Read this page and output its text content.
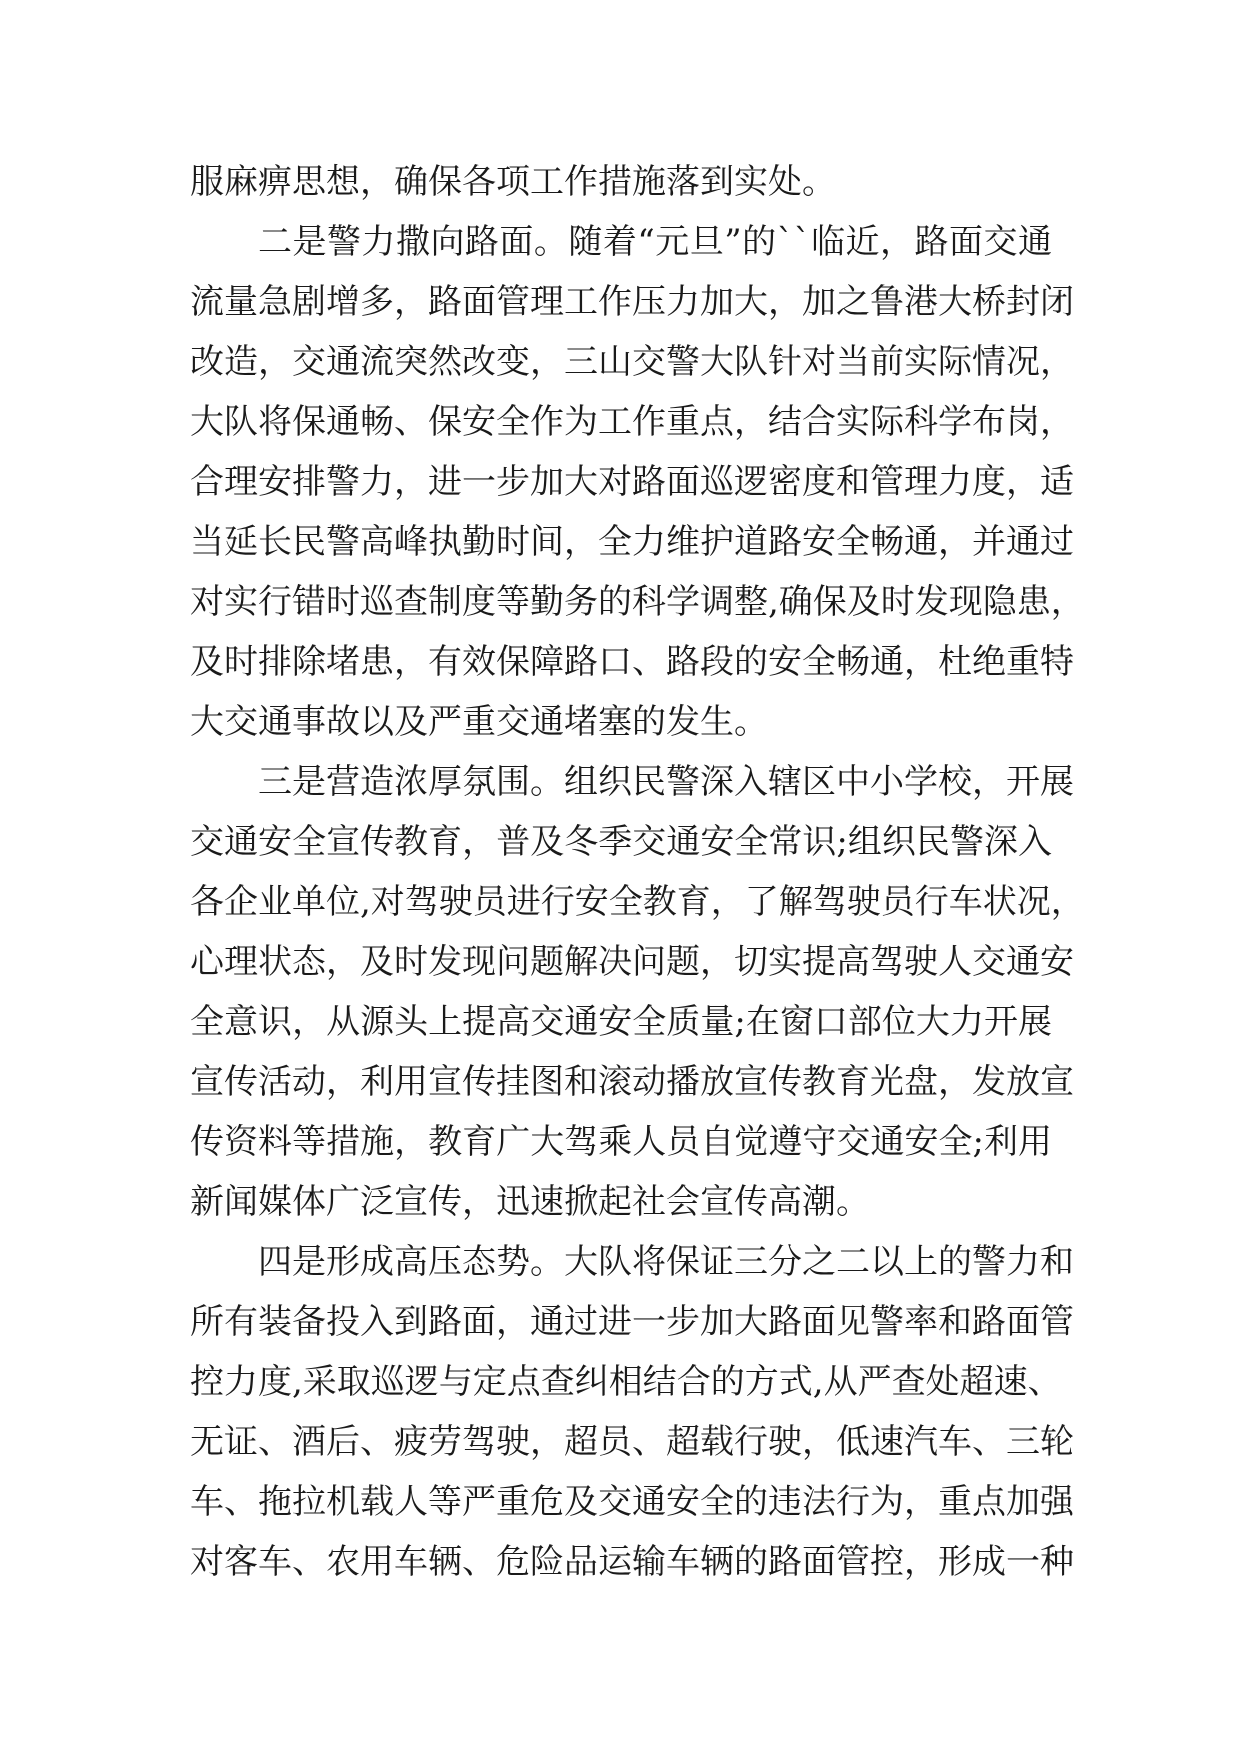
服麻痹思想，确保各项工作措施落到实处。
二是警力撒向路面。随着“元旦”的``临近，路面交通
流量急剧增多，路面管理工作压力加大，加之鲁港大桥封闭
改造，交通流突然改变，三山交警大队针对当前实际情况，
大队将保通畅、保安全作为工作重点，结合实际科学布岗，
合理安排警力，进一步加大对路面巡逻密度和管理力度，适
当延长民警高峰执勤时间，全力维护道路安全畅通，并通过
对实行错时巡查制度等勤务的科学调整,确保及时发现隐患，
及时排除堵患，有效保障路口、路段的安全畅通，杜绝重特
大交通事故以及严重交通堵塞的发生。
三是营造浓厚氛围。组织民警深入辖区中小学校，开展
交通安全宣传教育，普及冬季交通安全常识;组织民警深入
各企业单位,对驾驶员进行安全教育，了解驾驶员行车状况，
心理状态，及时发现问题解决问题，切实提高驾驶人交通安
全意识，从源头上提高交通安全质量;在窗口部位大力开展
宣传活动，利用宣传挂图和滚动播放宣传教育光盘，发放宣
传资料等措施，教育广大驾乘人员自觉遵守交通安全;利用
新闻媒体广泛宣传，迅速掀起社会宣传高潮。
四是形成高压态势。大队将保证三分之二以上的警力和
所有装备投入到路面，通过进一步加大路面见警率和路面管
控力度,采取巡逻与定点查纠相结合的方式,从严查处超速、
无证、酒后、疲劳驾驶，超员、超载行驶，低速汽车、三轮
车、拖拉机载人等严重危及交通安全的违法行为，重点加强
对客车、农用车辆、危险品运输车辆的路面管控，形成一种
